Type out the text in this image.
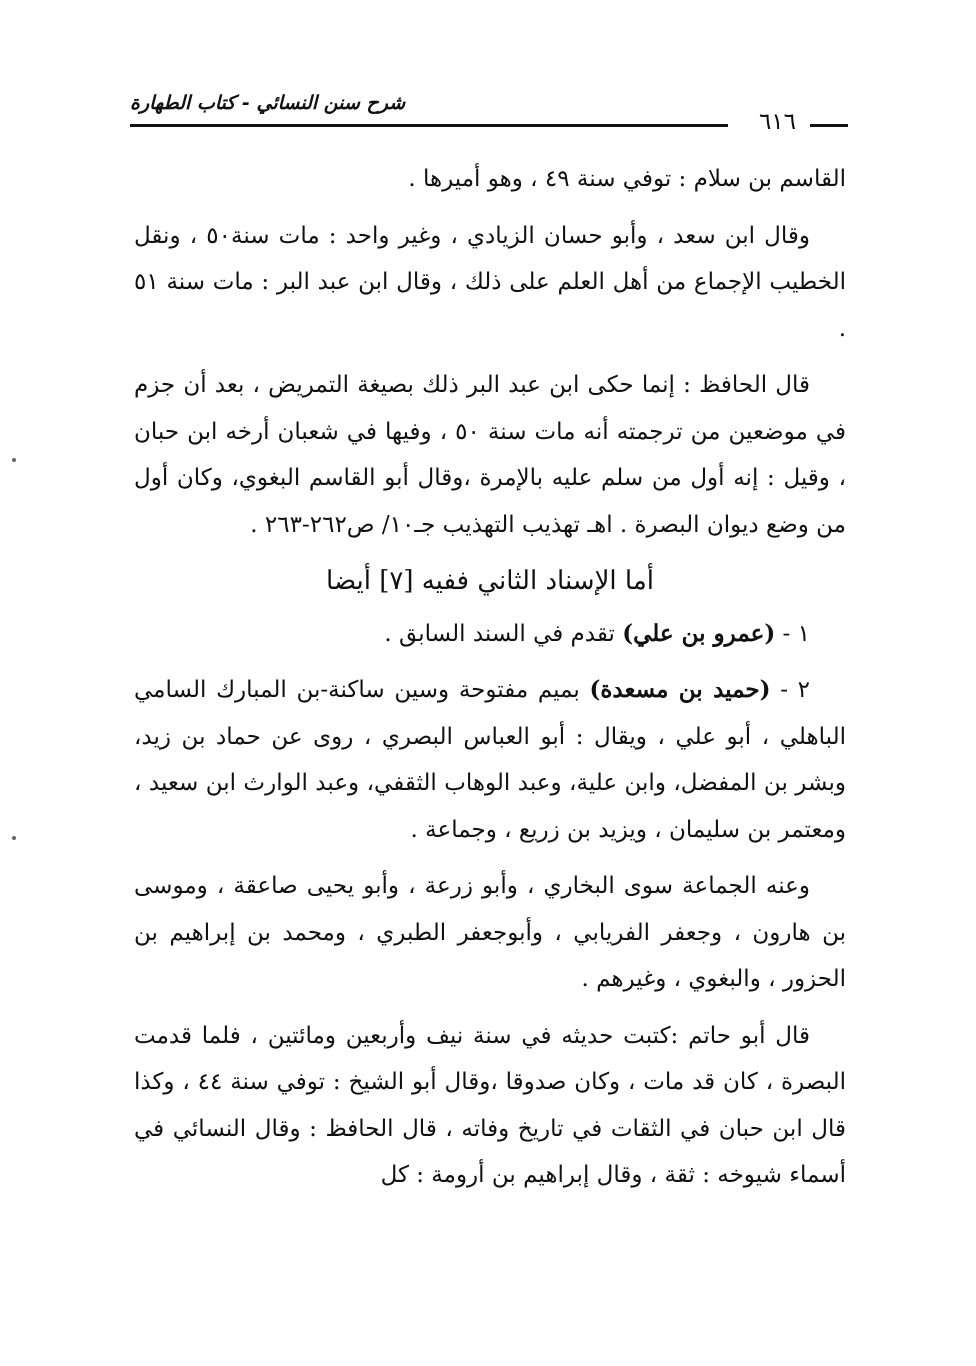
شرح سنن النسائي - كتاب الطهارة
٦١٦

القاسم بن سلام : توفي سنة ٤٩ ، وهو أميرها .

وقال ابن سعد ، وأبو حسان الزيادي ، وغير واحد : مات سنة٥٠ ، ونقل الخطيب الإجماع من أهل العلم على ذلك ، وقال ابن عبد البر : مات سنة ٥١ .

قال الحافظ : إنما حكى ابن عبد البر ذلك بصيغة التمريض ، بعد أن جزم في موضعين من ترجمته أنه مات سنة ٥٠ ، وفيها في شعبان أرخه ابن حبان ، وقيل : إنه أول من سلم عليه بالإمرة ،وقال أبو القاسم البغوي، وكان أول من وضع ديوان البصرة . اهـ تهذيب التهذيب جـ١٠/ ص٢٦٢-٢٦٣ .

أما الإسناد الثاني ففيه [٧] أيضا

١ - (عمرو بن علي) تقدم في السند السابق .

٢ - (حميد بن مسعدة) بميم مفتوحة وسين ساكنة-بن المبارك السامي الباهلي ، أبو علي ، ويقال : أبو العباس البصري ، روى عن حماد بن زيد، وبشر بن المفضل، وابن علية، وعبد الوهاب الثقفي، وعبد الوارث ابن سعيد ، ومعتمر بن سليمان ، ويزيد بن زريع ، وجماعة .

وعنه الجماعة سوى البخاري ، وأبو زرعة ، وأبو يحيى صاعقة ، وموسى بن هارون ، وجعفر الفريابي ، وأبوجعفر الطبري ، ومحمد بن إبراهيم بن الحزور ، والبغوي ، وغيرهم .

قال أبو حاتم :كتبت حديثه في سنة نيف وأربعين ومائتين ، فلما قدمت البصرة ، كان قد مات ، وكان صدوقا ،وقال أبو الشيخ : توفي سنة ٤٤ ، وكذا قال ابن حبان في الثقات في تاريخ وفاته ، قال الحافظ : وقال النسائي في أسماء شيوخه : ثقة ، وقال إبراهيم بن أرومة : كل
